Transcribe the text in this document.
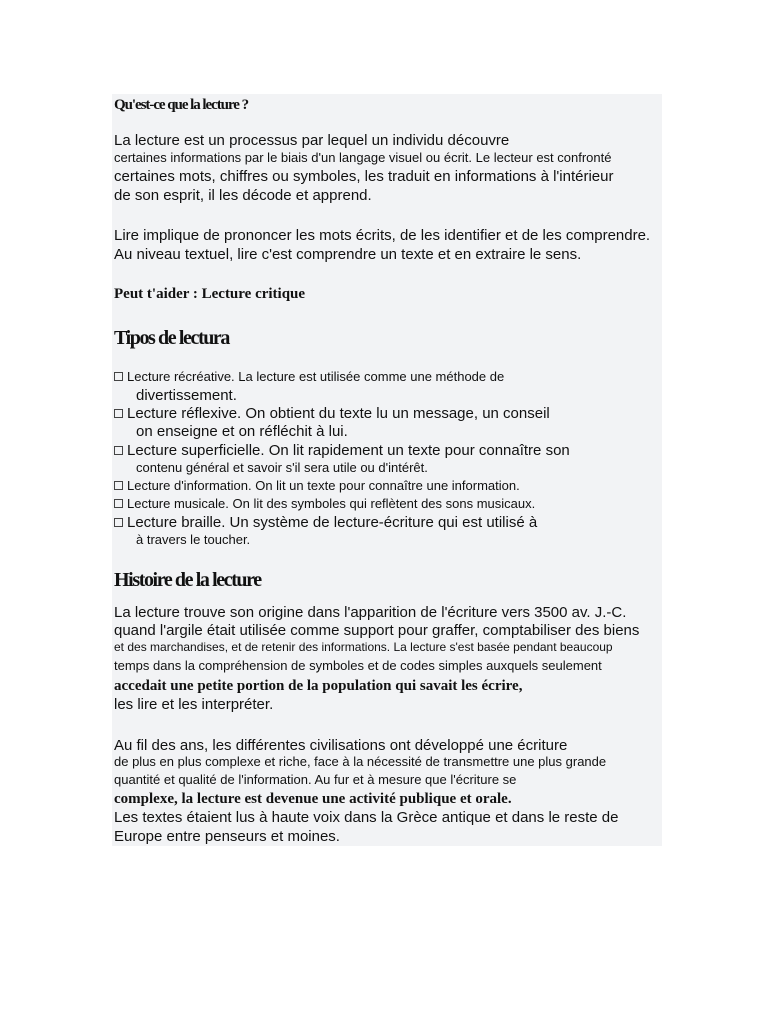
Qu'est-ce que la lecture ?
La lecture est un processus par lequel un individu découvre
certaines informations par le biais d'un langage visuel ou écrit. Le lecteur est confronté
certaines mots, chiffres ou symboles, les traduit en informations à l'intérieur
de son esprit, il les décode et apprend.
Lire implique de prononcer les mots écrits, de les identifier et de les comprendre.
Au niveau textuel, lire c'est comprendre un texte et en extraire le sens.
Peut t'aider : Lecture critique
Tipos de lectura
Lecture récréative. La lecture est utilisée comme une méthode de
divertissement.
Lecture réflexive. On obtient du texte lu un message, un conseil
on enseigne et on réfléchit à lui.
Lecture superficielle. On lit rapidement un texte pour connaître son
contenu général et savoir s'il sera utile ou d'intérêt.
Lecture d'information. On lit un texte pour connaître une information.
Lecture musicale. On lit des symboles qui reflètent des sons musicaux.
Lecture braille. Un système de lecture-écriture qui est utilisé à
à travers le toucher.
Histoire de la lecture
La lecture trouve son origine dans l'apparition de l'écriture vers 3500 av. J.-C.
quand l'argile était utilisée comme support pour graffer, comptabiliser des biens
et des marchandises, et de retenir des informations. La lecture s'est basée pendant beaucoup
temps dans la compréhension de symboles et de codes simples auxquels seulement
accedait une petite portion de la population qui savait les écrire,
les lire et les interpréter.
Au fil des ans, les différentes civilisations ont développé une écriture
de plus en plus complexe et riche, face à la nécessité de transmettre une plus grande
quantité et qualité de l'information. Au fur et à mesure que l'écriture se
complexe, la lecture est devenue une activité publique et orale.
Les textes étaient lus à haute voix dans la Grèce antique et dans le reste de
Europe entre penseurs et moines.
